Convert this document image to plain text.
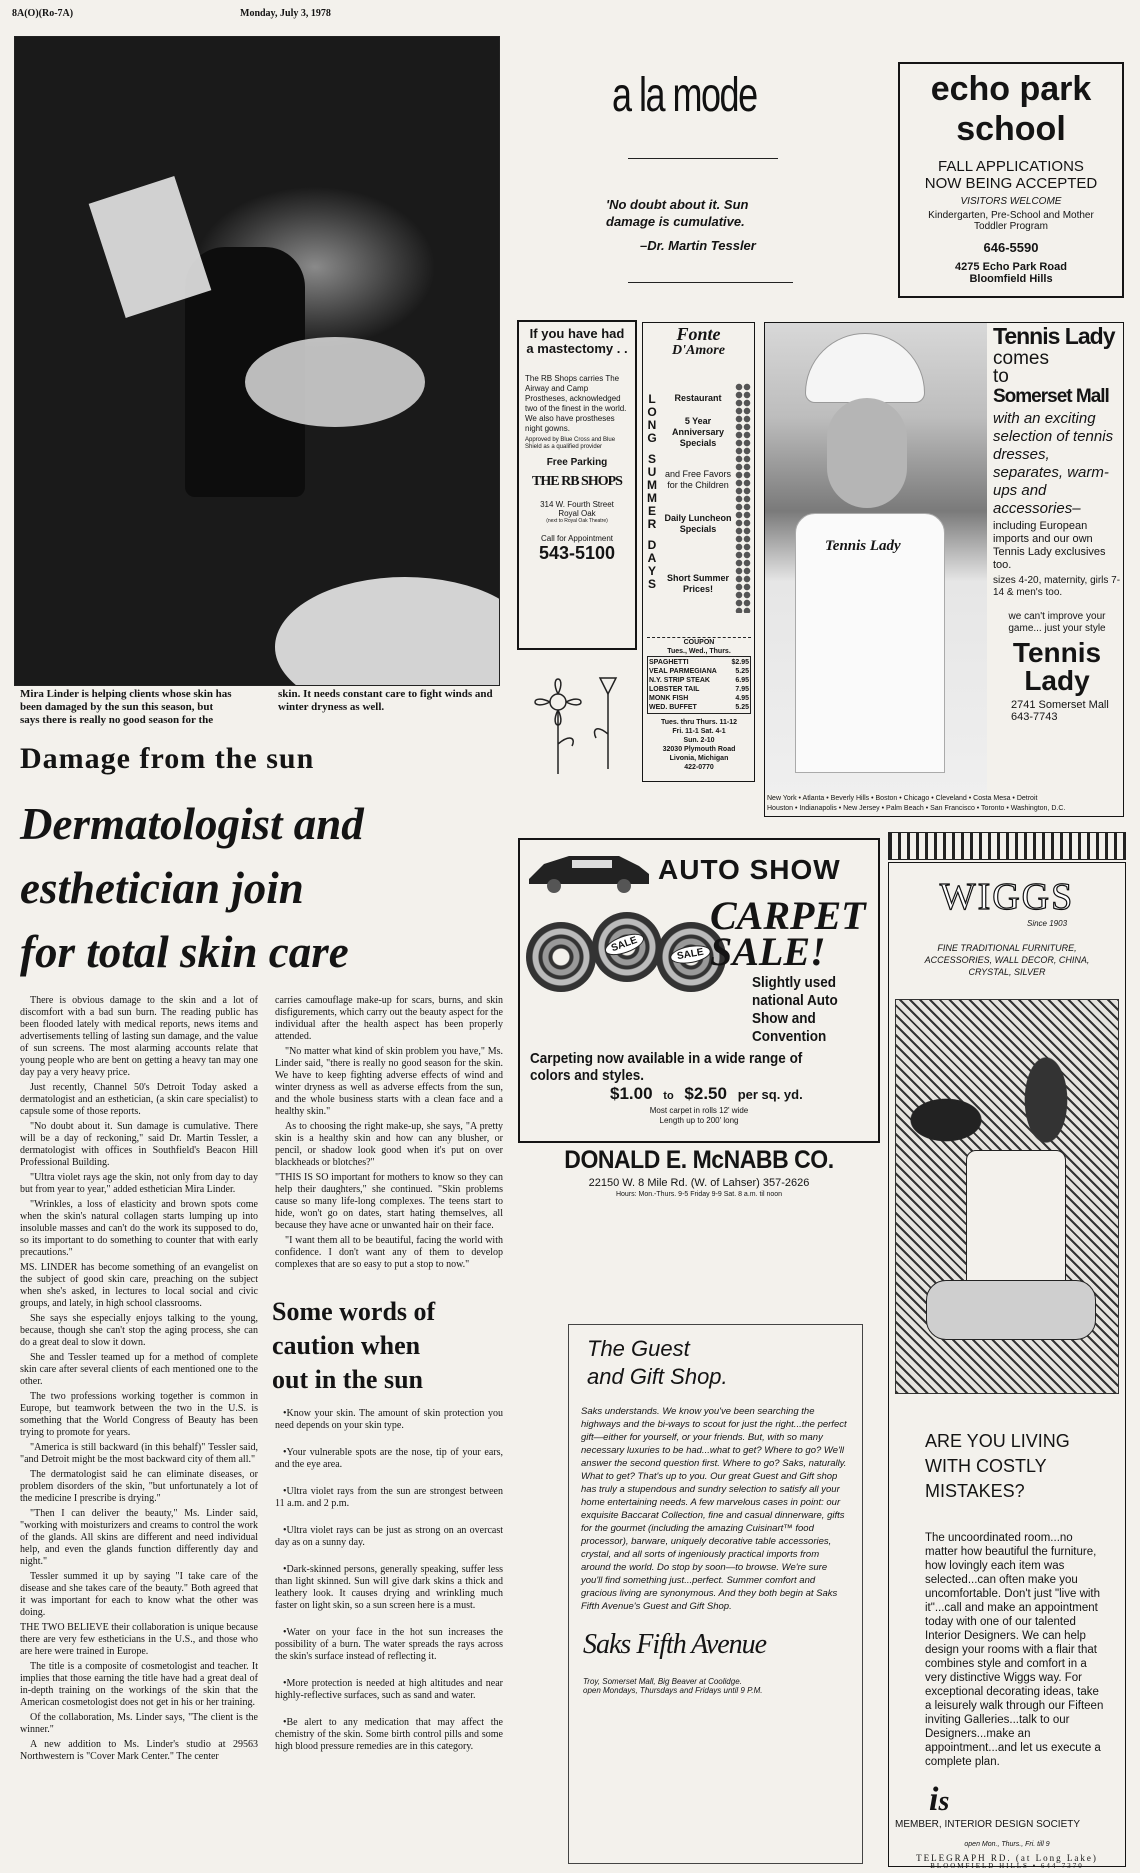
8A(O)(Ro-7A)	Monday, July 3, 1978
Mira Linder is helping clients whose skin has been damaged by the sun this season, but says there is really no good season for the
skin. It needs constant care to fight winds and winter dryness as well.
Damage from the sun
Dermatologist and
esthetician join
for total skin care

There is obvious damage to the skin and a lot of discomfort with a bad sun burn. The reading public has been flooded lately with medical reports, news items and advertisements telling of lasting sun damage, and the value of sun screens. The most alarming accounts relate that young people who are bent on getting a heavy tan may one day pay a very heavy price.

Just recently, Channel 50's Detroit Today asked a dermatologist and an esthetician, (a skin care specialist) to capsule some of those reports.

"No doubt about it. Sun damage is cumulative. There will be a day of reckoning," said Dr. Martin Tessler, a dermatologist with offices in Southfield's Beacon Hill Professional Building.

"Ultra violet rays age the skin, not only from day to day but from year to year," added esthetician Mira Linder.

"Wrinkles, a loss of elasticity and brown spots come when the skin's natural collagen starts lumping up into insoluble masses and can't do the work its supposed to do, so its important to do something to counter that with early precautions."

MS. LINDER has become something of an evangelist on the subject of good skin care, preaching on the subject when she's asked, in lectures to local social and civic groups, and lately, in high school classrooms.

She says she especially enjoys talking to the young, because, though she can't stop the aging process, she can do a great deal to slow it down.

She and Tessler teamed up for a method of complete skin care after several clients of each mentioned one to the other.

The two professions working together is common in Europe, but teamwork between the two in the U.S. is something that the World Congress of Beauty has been trying to promote for years.

"America is still backward (in this behalf)" Tessler said, "and Detroit might be the most backward city of them all."

The dermatologist said he can eliminate diseases, or problem disorders of the skin, "but unfortunately a lot of the medicine I prescribe is drying."

"Then I can deliver the beauty," Ms. Linder said, "working with moisturizers and creams to control the work of the glands. All skins are different and need individual help, and even the glands function differently day and night."

Tessler summed it up by saying "I take care of the disease and she takes care of the beauty." Both agreed that it was important for each to know what the other was doing.

THE TWO BELIEVE their collaboration is unique because there are very few estheticians in the U.S., and those who are here were trained in Europe.

The title is a composite of cosmetologist and teacher. It implies that those earning the title have had a great deal of in-depth training on the workings of the skin that the American cosmetologist does not get in his or her training.

Of the collaboration, Ms. Linder says, "The client is the winner."

A new addition to Ms. Linder's studio at 29563 Northwestern is "Cover Mark Center." The center

carries camouflage make-up for scars, burns, and skin disfigurements, which carry out the beauty aspect for the individual after the health aspect has been properly attended.

"No matter what kind of skin problem you have," Ms. Linder said, "there is really no good season for the skin. We have to keep fighting adverse effects of wind and winter dryness as well as adverse effects from the sun, and the whole business starts with a clean face and a healthy skin."

As to choosing the right make-up, she says, "A pretty skin is a healthy skin and how can any blusher, or pencil, or shadow look good when it's put on over blackheads or blotches?"

"THIS IS SO important for mothers to know so they can help their daughters," she continued. "Skin problems cause so many life-long complexes. The teens start to hide, won't go on dates, start hating themselves, all because they have acne or unwanted hair on their face.

"I want them all to be beautiful, facing the world with confidence. I don't want any of them to develop complexes that are so easy to put a stop to now."

Some words of
caution when
out in the sun

•Know your skin. The amount of skin protection you need depends on your skin type.

•Your vulnerable spots are the nose, tip of your ears, and the eye area.

•Ultra violet rays from the sun are strongest between 11 a.m. and 2 p.m.

•Ultra violet rays can be just as strong on an overcast day as on a sunny day.

•Dark-skinned persons, generally speaking, suffer less than light skinned. Sun will give dark skins a thick and leathery look. It causes drying and wrinkling much faster on light skin, so a sun screen here is a must.

•Water on your face in the hot sun increases the possibility of a burn. The water spreads the rays across the skin's surface instead of reflecting it.

•More protection is needed at high altitudes and near highly-reflective surfaces, such as sand and water.

•Be alert to any medication that may affect the chemistry of the skin. Some birth control pills and some high blood pressure remedies are in this category.

a la mode
'No doubt about it. Sun damage is cumulative.
–Dr. Martin Tessler
echo park
school
FALL APPLICATIONS
NOW BEING ACCEPTED
VISITORS WELCOME
Kindergarten, Pre-School and Mother Toddler Program
646-5590
4275 Echo Park Road
Bloomfield Hills
If you have had a mastectomy . .
The RB Shops carries The Airway and Camp Prostheses, acknowledged two of the finest in the world. We also have prostheses night gowns.
Approved by Blue Cross and Blue Shield as a qualified provider
Free Parking
THE RB SHOPS
314 W. Fourth Street
Royal Oak
(next to Royal Oak Theatre)
Call for Appointment
543-5100
Fonte
D'Amore
L
O
N
G
S
U
M
M
E
R
D
A
Y
S
Restaurant
5 Year Anniversary Specials
and Free Favors for the Children
Daily Luncheon Specials
Short Summer Prices!
COUPON
Tues., Wed., Thurs.
SPAGHETTI	$2.95
VEAL PARMEGIANA	5.25
N.Y. STRIP STEAK	6.95
LOBSTER TAIL	7.95
MONK FISH	4.95
WED. BUFFET	5.25
Tues. thru Thurs. 11-12
Fri. 11-1 Sat. 4-1
Sun. 2-10
32030 Plymouth Road
Livonia, Michigan
422-0770
Tennis Lady
Tennis Lady
comes
to
Somerset Mall
with an exciting selection of tennis dresses, separates, warm-ups and accessories–
including European imports and our own Tennis Lady exclusives too.
sizes 4-20, maternity, girls 7-14 & men's too.
we can't improve your game... just your style
Tennis
Lady
2741 Somerset Mall
643-7743
New York • Atlanta • Beverly Hills • Boston • Chicago • Cleveland • Costa Mesa • Detroit
Houston • Indianapolis • New Jersey • Palm Beach • San Francisco • Toronto • Washington, D.C.
AUTO SHOW
SALE
SALE
CARPET
SALE!
Slightly used national Auto Show and Convention
Carpeting now available in a wide range of colors and styles.
$1.00 to $2.50 per sq. yd.
Most carpet in rolls 12' wide
Length up to 200' long
DONALD E. McNABB CO.
22150 W. 8 Mile Rd. (W. of Lahser) 357-2626
Hours: Mon.-Thurs. 9-5 Friday 9-9 Sat. 8 a.m. til noon
The Guest
and Gift Shop.
Saks understands. We know you've been searching the highways and the bi-ways to scout for just the right...the perfect gift—either for yourself, or your friends. But, with so many necessary luxuries to be had...what to get? Where to go? We'll answer the second question first. Where to go? Saks, naturally. What to get? That's up to you. Our great Guest and Gift shop has truly a stupendous and sundry selection to satisfy all your home entertaining needs. A few marvelous cases in point: our exquisite Baccarat Collection, fine and casual dinnerware, gifts for the gourmet (including the amazing Cuisinart™ food processor), barware, uniquely decorative table accessories, crystal, and all sorts of ingeniously practical imports from around the world. Do stop by soon—to browse. We're sure you'll find something just...perfect. Summer comfort and gracious living are synonymous. And they both begin at Saks Fifth Avenue's Guest and Gift Shop.
Saks Fifth Avenue
Troy, Somerset Mall, Big Beaver at Coolidge.
open Mondays, Thursdays and Fridays until 9 P.M.
WIGGS
Since 1903
FINE TRADITIONAL FURNITURE, ACCESSORIES, WALL DECOR, CHINA, CRYSTAL, SILVER
ARE YOU LIVING WITH COSTLY MISTAKES?
The uncoordinated room...no matter how beautiful the furniture, how lovingly each item was selected...can often make you uncomfortable. Don't just "live with it"...call and make an appointment today with one of our talented Interior Designers. We can help design your rooms with a flair that combines style and comfort in a very distinctive Wiggs way. For exceptional decorating ideas, take a leisurely walk through our Fifteen inviting Galleries...talk to our Designers...make an appointment...and let us execute a complete plan.
is
MEMBER, INTERIOR DESIGN SOCIETY
open Mon., Thurs., Fri. till 9
TELEGRAPH RD. (at Long Lake)
BLOOMFIELD HILLS • 644-7370
